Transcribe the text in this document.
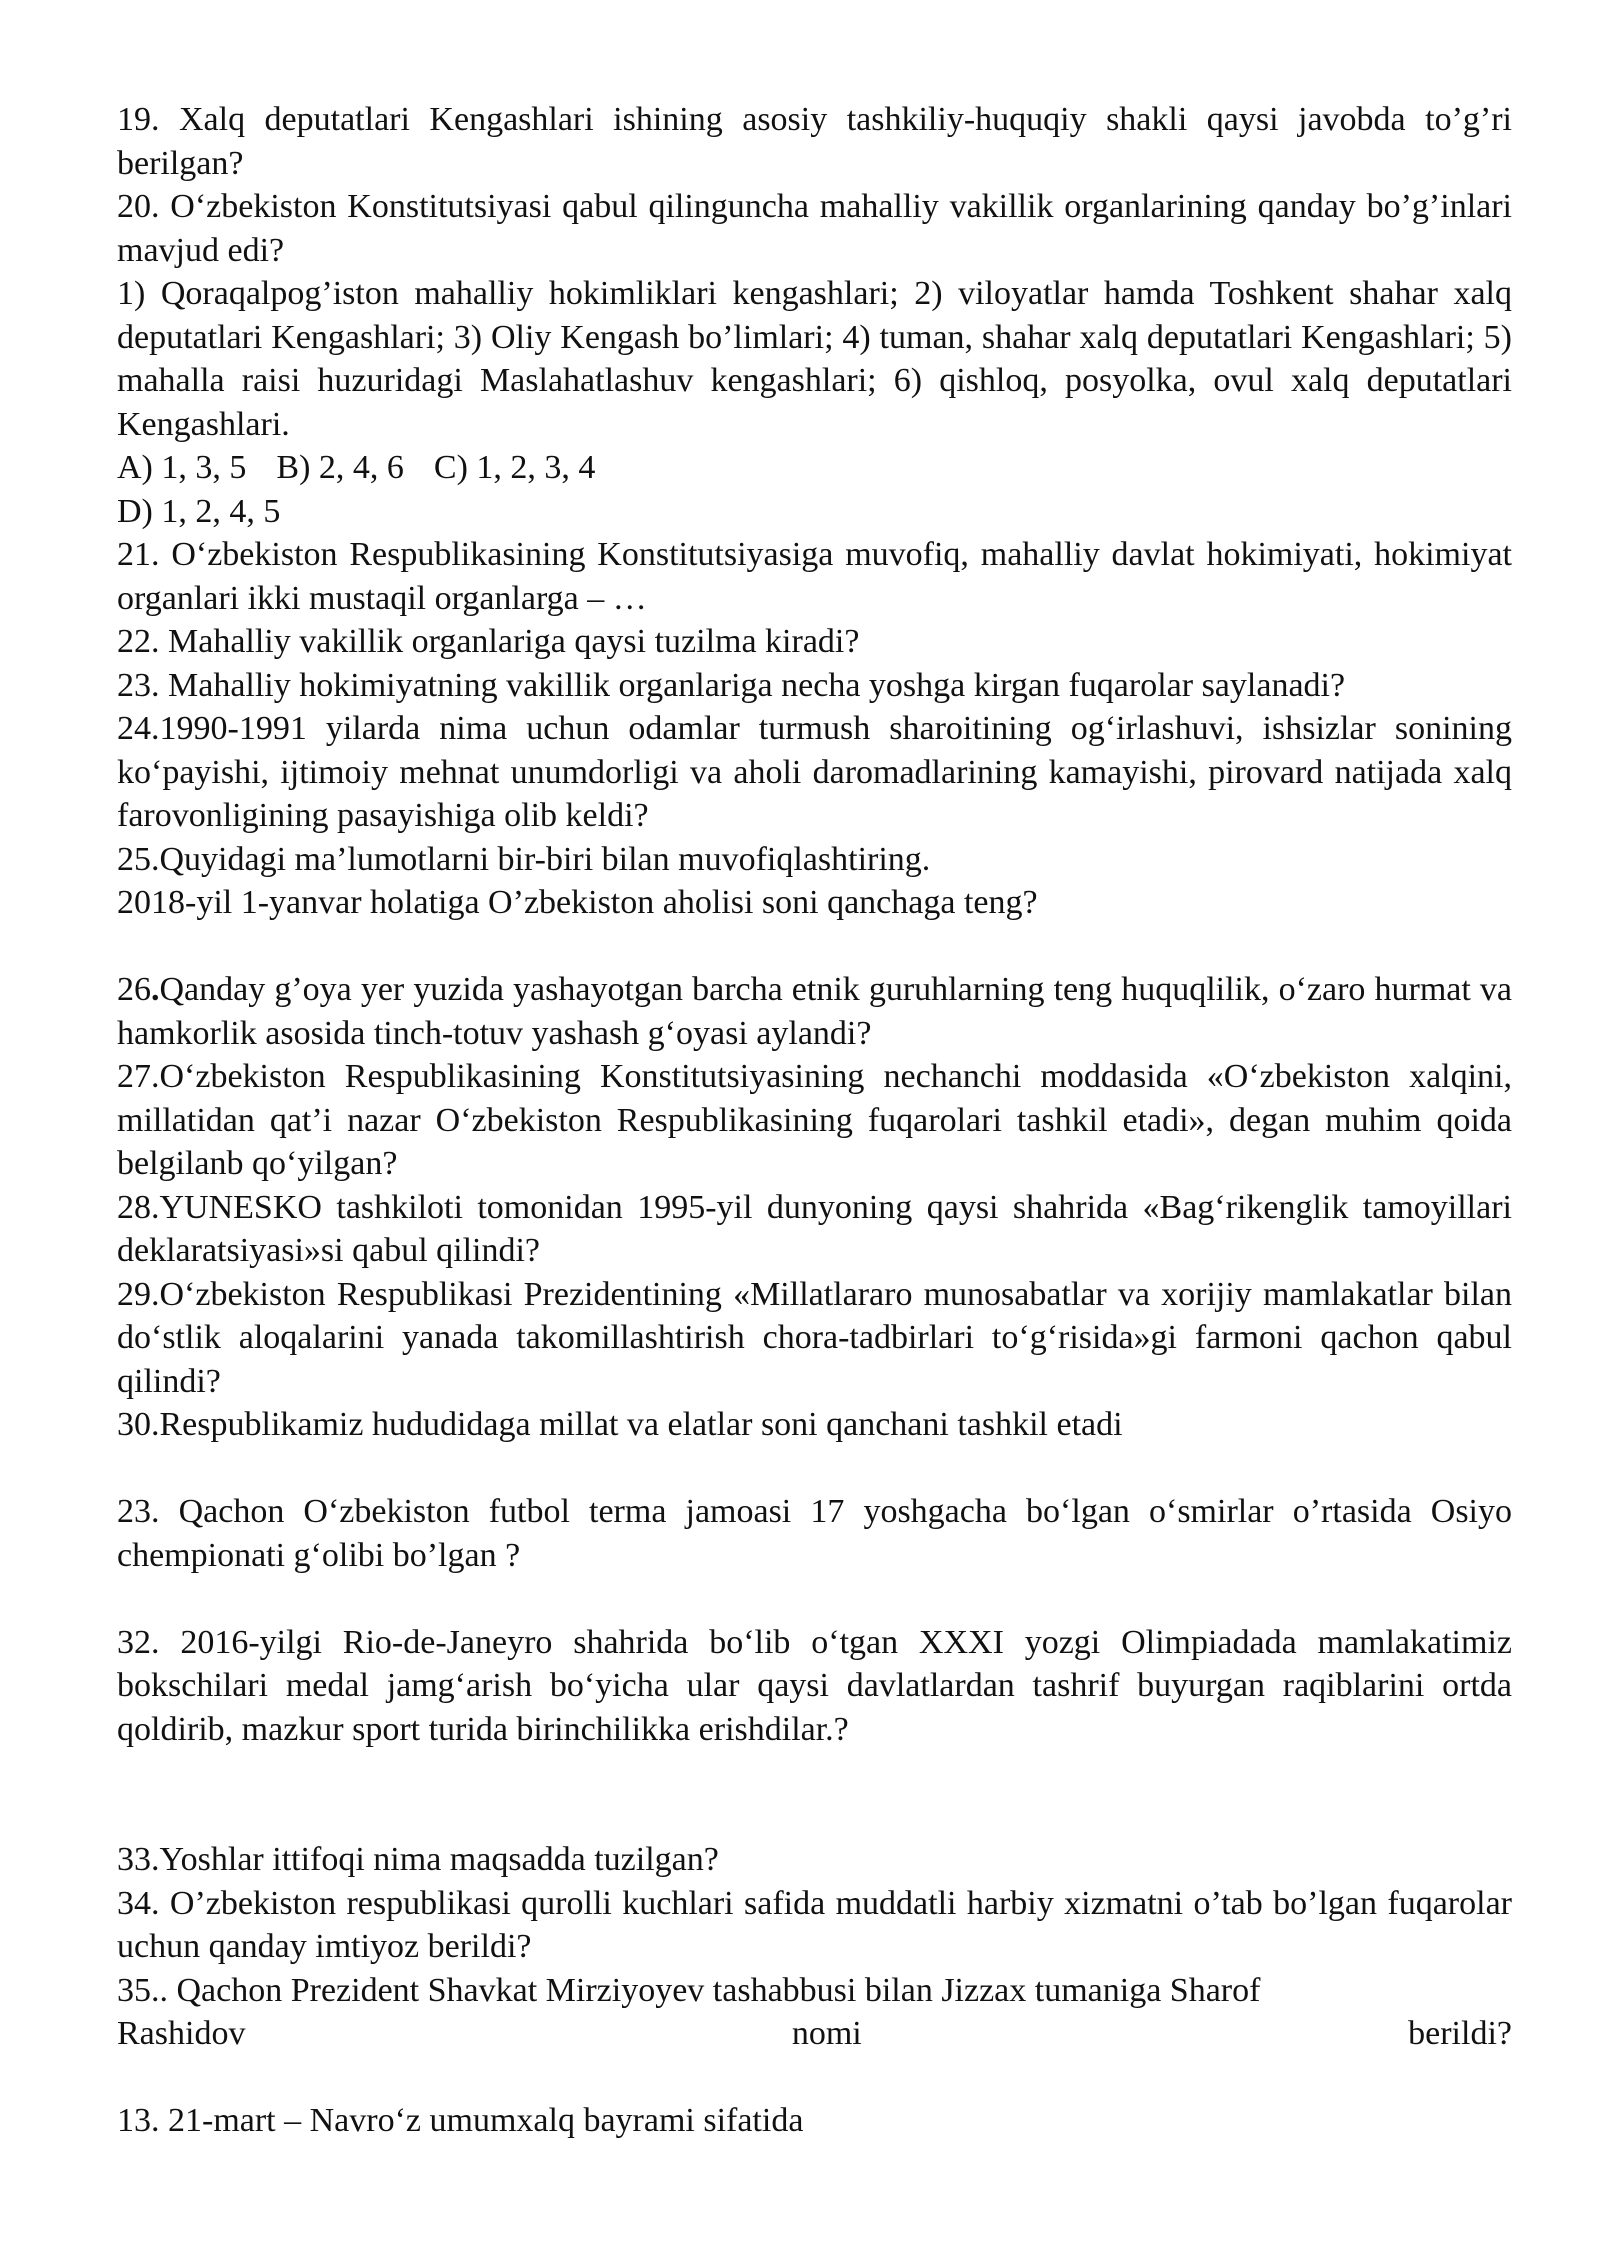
19. Xalq deputatlari Kengashlari ishining asosiy tashkiliy-huquqiy shakli qaysi javobda to’g’ri berilgan?

20. O‘zbekiston Konstitutsiyasi qabul qilinguncha mahalliy vakillik organlarining qanday bo’g’inlari mavjud edi?

1) Qoraqalpog’iston mahalliy hokimliklari kengashlari; 2) viloyatlar hamda Toshkent shahar xalq deputatlari Kengashlari; 3) Oliy Kengash bo’limlari; 4) tuman, shahar xalq deputatlari Kengashlari; 5) mahalla raisi huzuridagi Maslahatlashuv kengashlari; 6) qishloq, posyolka, ovul xalq deputatlari Kengashlari.

A) 1, 3, 5 B) 2, 4, 6 C) 1, 2, 3, 4

D) 1, 2, 4, 5

21. O‘zbekiston Respublikasining Konstitutsiyasiga muvofiq, mahalliy davlat hokimiyati, hokimiyat organlari ikki mustaqil organlarga – …

22. Mahalliy vakillik organlariga qaysi tuzilma kiradi?

23. Mahalliy hokimiyatning vakillik organlariga necha yoshga kirgan fuqarolar saylanadi?

24.1990-1991 yilarda nima uchun odamlar turmush sharoitining og‘irlashuvi, ishsizlar sonining ko‘payishi, ijtimoiy mehnat unumdorligi va aholi daromadlarining kamayishi, pirovard natijada xalq farovonligining pasayishiga olib keldi?

25.Quyidagi ma’lumotlarni bir-biri bilan muvofiqlashtiring.

2018-yil 1-yanvar holatiga O’zbekiston aholisi soni qanchaga teng?

26.Qanday g’oya yer yuzida yashayotgan barcha etnik guruhlarning teng huquqlilik, o‘zaro hurmat va hamkorlik asosida tinch-totuv yashash g‘oyasi aylandi?

27.O‘zbekiston Respublikasining Konstitutsiyasining nechanchi moddasida «O‘zbekiston xalqini, millatidan qat’i nazar O‘zbekiston Respublikasining fuqarolari tashkil etadi», degan muhim qoida belgilanb qo‘yilgan?

28.YUNESKO tashkiloti tomonidan 1995-yil dunyoning qaysi shahrida «Bag‘rikenglik tamoyillari deklaratsiyasi»si qabul qilindi?

29.O‘zbekiston Respublikasi Prezidentining «Millatlararo munosabatlar va xorijiy mamlakatlar bilan do‘stlik aloqalarini yanada takomillashtirish chora-tadbirlari to‘g‘risida»gi farmoni qachon qabul qilindi?

30.Respublikamiz hududidaga millat va elatlar soni qanchani tashkil etadi

23. Qachon O‘zbekiston futbol terma jamoasi 17 yoshgacha bo‘lgan o‘smirlar o’rtasida Osiyo chempionati g‘olibi bo’lgan ?

32. 2016-yilgi Rio-de-Janeyro shahrida bo‘lib o‘tgan XXXI yozgi Olimpiadada mamlakatimiz bokschilari medal jamg‘arish bo‘yicha ular qaysi davlatlardan tashrif buyurgan raqiblarini ortda qoldirib, mazkur sport turida birinchilikka erishdilar.?

33.Yoshlar ittifoqi nima maqsadda tuzilgan?

34. O’zbekiston respublikasi qurolli kuchlari safida muddatli harbiy xizmatni o’tab bo’lgan fuqarolar uchun qanday imtiyoz berildi?

35.. Qachon Prezident Shavkat Mirziyoyev tashabbusi bilan Jizzax tumaniga Sharof

Rashidov	nomi	berildi?

13. 21-mart – Navro‘z umumxalq bayrami sifatida
